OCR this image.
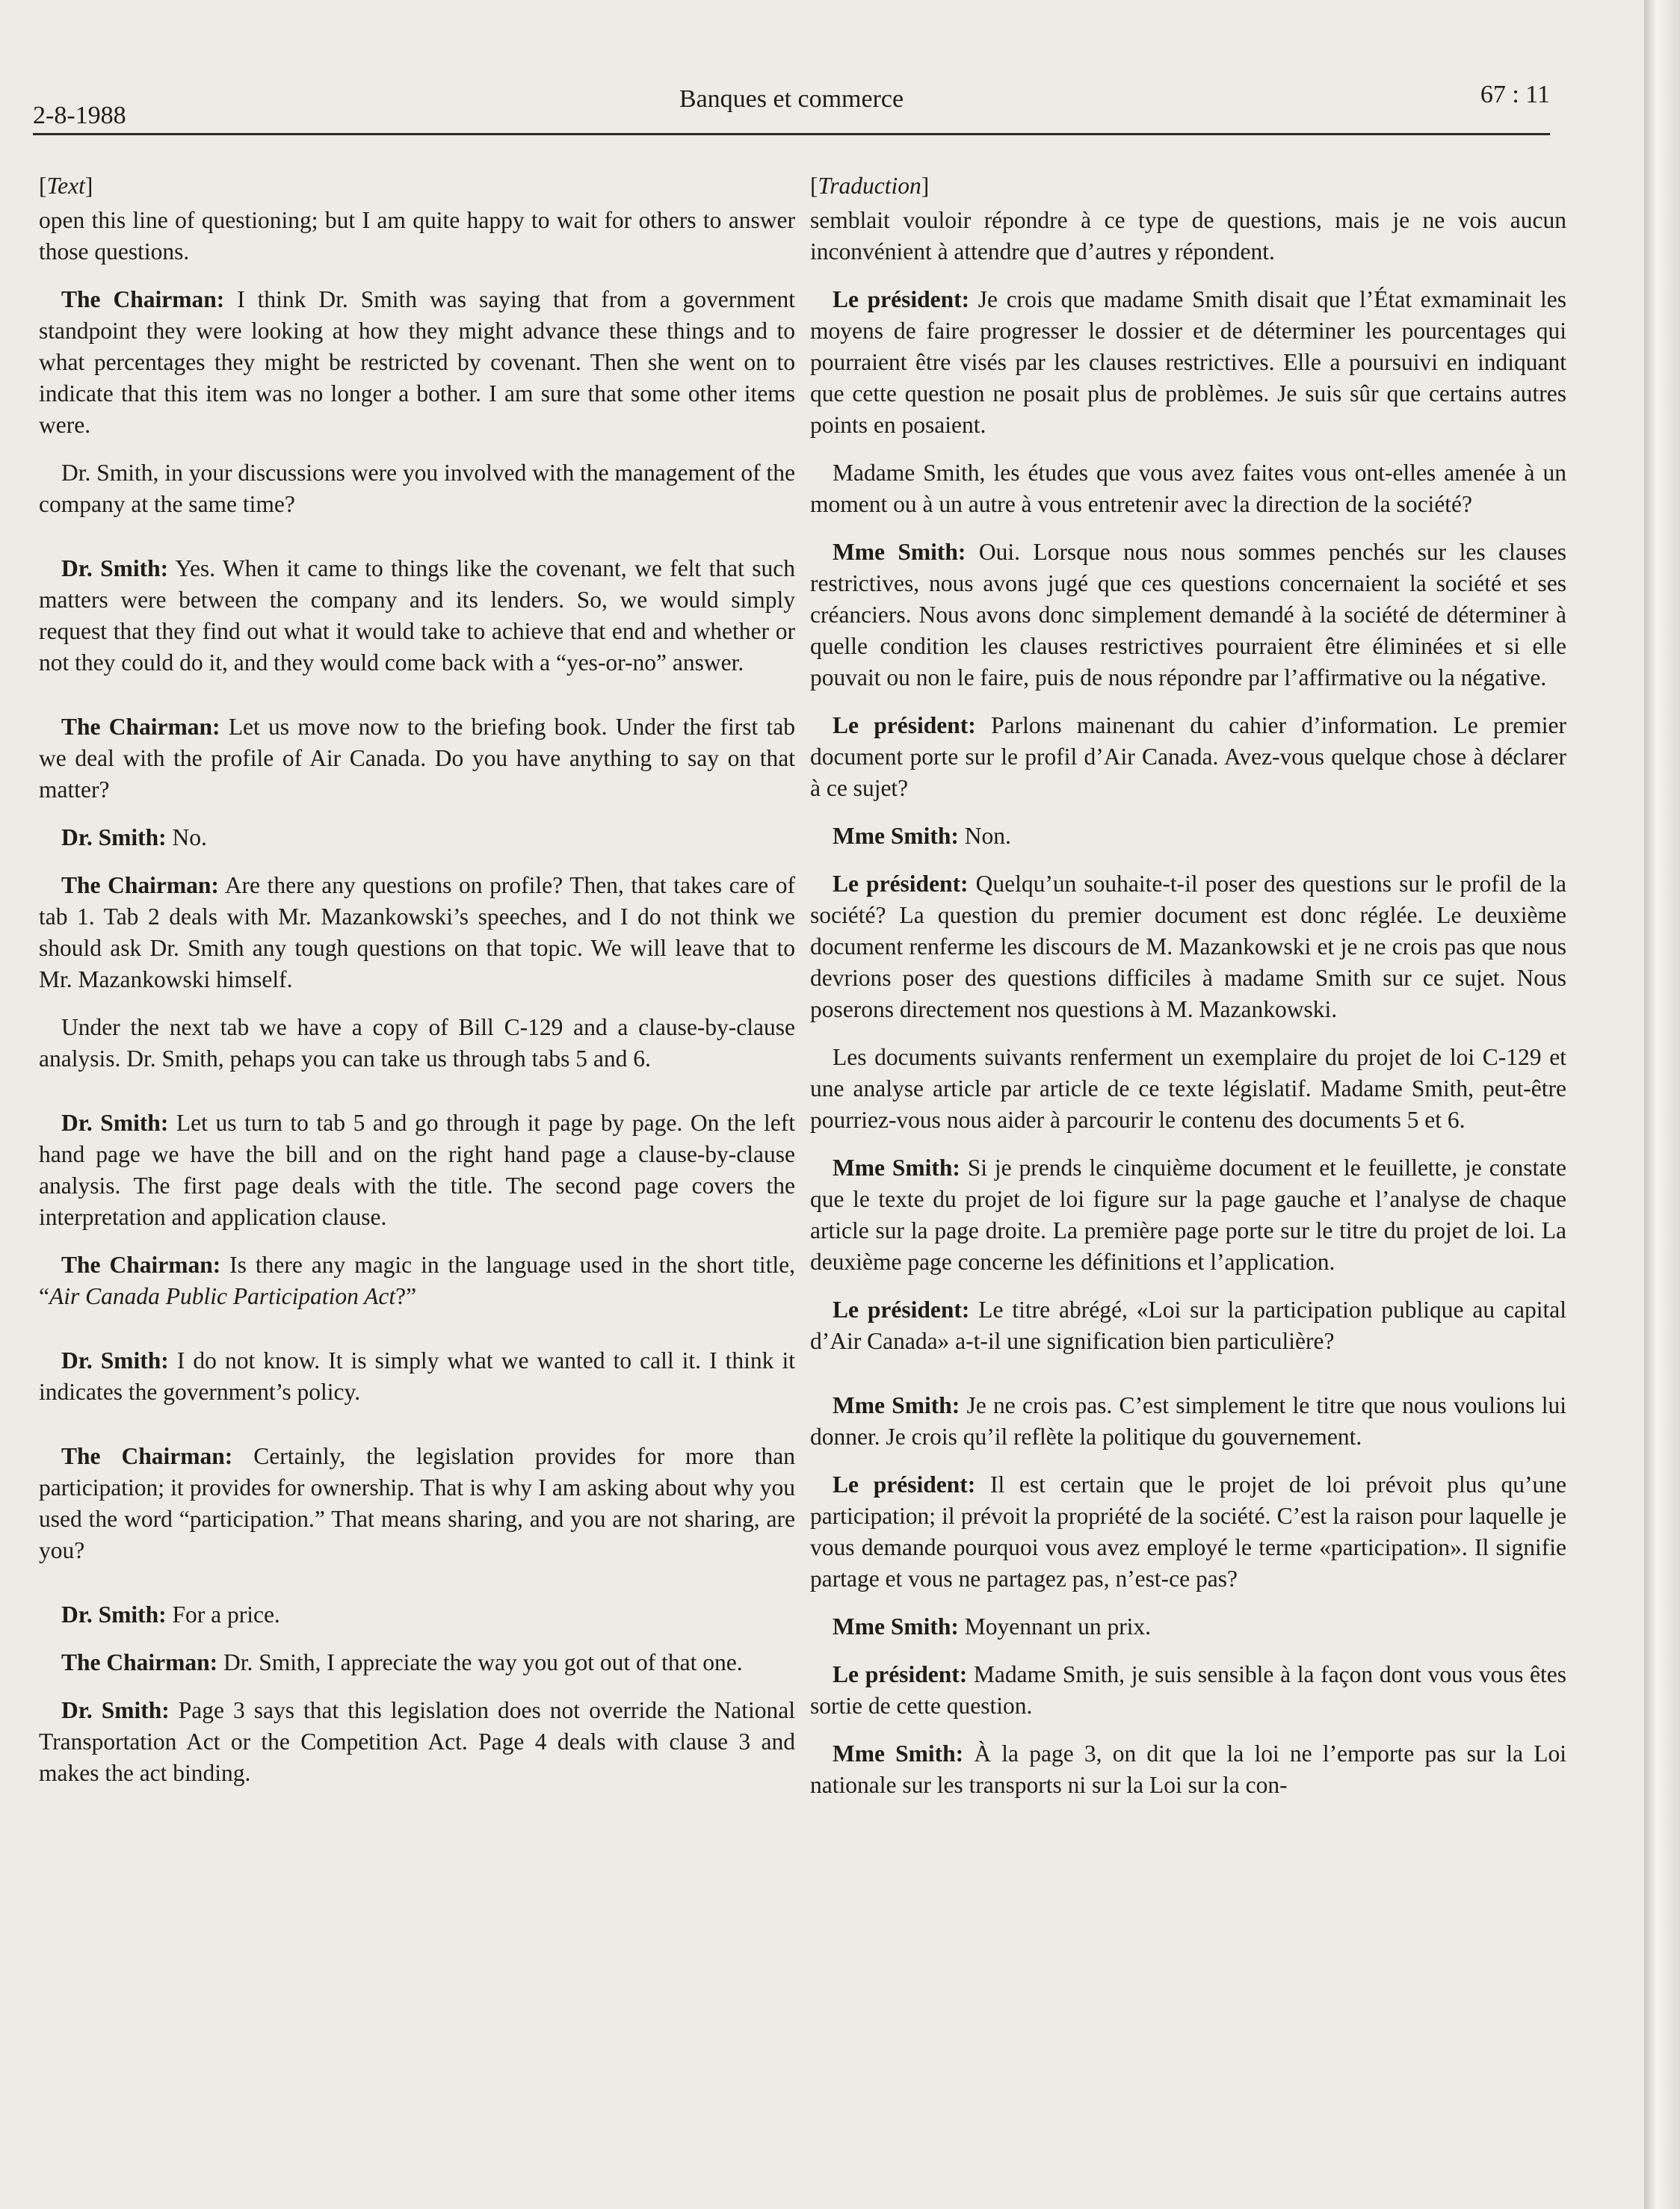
2-8-1988
Banques et commerce	67 : 11

[Text]

open this line of questioning; but I am quite happy to wait for others to answer those questions.

The Chairman: I think Dr. Smith was saying that from a government standpoint they were looking at how they might advance these things and to what percentages they might be restricted by covenant. Then she went on to indicate that this item was no longer a bother. I am sure that some other items were.

Dr. Smith, in your discussions were you involved with the management of the company at the same time?

Dr. Smith: Yes. When it came to things like the covenant, we felt that such matters were between the company and its lenders. So, we would simply request that they find out what it would take to achieve that end and whether or not they could do it, and they would come back with a “yes-or-no” answer.

The Chairman: Let us move now to the briefing book. Under the first tab we deal with the profile of Air Canada. Do you have anything to say on that matter?

Dr. Smith: No.

The Chairman: Are there any questions on profile? Then, that takes care of tab 1. Tab 2 deals with Mr. Mazankowski’s speeches, and I do not think we should ask Dr. Smith any tough questions on that topic. We will leave that to Mr. Mazankowski himself.

Under the next tab we have a copy of Bill C-129 and a clause-by-clause analysis. Dr. Smith, pehaps you can take us through tabs 5 and 6.

Dr. Smith: Let us turn to tab 5 and go through it page by page. On the left hand page we have the bill and on the right hand page a clause-by-clause analysis. The first page deals with the title. The second page covers the interpretation and application clause.

The Chairman: Is there any magic in the language used in the short title, “Air Canada Public Participation Act?”

Dr. Smith: I do not know. It is simply what we wanted to call it. I think it indicates the government’s policy.

The Chairman: Certainly, the legislation provides for more than participation; it provides for ownership. That is why I am asking about why you used the word “participation.” That means sharing, and you are not sharing, are you?

Dr. Smith: For a price.

The Chairman: Dr. Smith, I appreciate the way you got out of that one.

Dr. Smith: Page 3 says that this legislation does not override the National Transportation Act or the Competition Act. Page 4 deals with clause 3 and makes the act binding.

[Traduction]

semblait vouloir répondre à ce type de questions, mais je ne vois aucun inconvénient à attendre que d’autres y répondent.

Le président: Je crois que madame Smith disait que l’État exmaminait les moyens de faire progresser le dossier et de déterminer les pourcentages qui pourraient être visés par les clauses restrictives. Elle a poursuivi en indiquant que cette question ne posait plus de problèmes. Je suis sûr que certains autres points en posaient.

Madame Smith, les études que vous avez faites vous ont-elles amenée à un moment ou à un autre à vous entretenir avec la direction de la société?

Mme Smith: Oui. Lorsque nous nous sommes penchés sur les clauses restrictives, nous avons jugé que ces questions concernaient la société et ses créanciers. Nous avons donc simplement demandé à la société de déterminer à quelle condition les clauses restrictives pourraient être éliminées et si elle pouvait ou non le faire, puis de nous répondre par l’affirmative ou la négative.

Le président: Parlons mainenant du cahier d’information. Le premier document porte sur le profil d’Air Canada. Avez-vous quelque chose à déclarer à ce sujet?

Mme Smith: Non.

Le président: Quelqu’un souhaite-t-il poser des questions sur le profil de la société? La question du premier document est donc réglée. Le deuxième document renferme les discours de M. Mazankowski et je ne crois pas que nous devrions poser des questions difficiles à madame Smith sur ce sujet. Nous poserons directement nos questions à M. Mazankowski.

Les documents suivants renferment un exemplaire du projet de loi C-129 et une analyse article par article de ce texte législatif. Madame Smith, peut-être pourriez-vous nous aider à parcourir le contenu des documents 5 et 6.

Mme Smith: Si je prends le cinquième document et le feuillette, je constate que le texte du projet de loi figure sur la page gauche et l’analyse de chaque article sur la page droite. La première page porte sur le titre du projet de loi. La deuxième page concerne les définitions et l’application.

Le président: Le titre abrégé, «Loi sur la participation publique au capital d’Air Canada» a-t-il une signification bien particulière?

Mme Smith: Je ne crois pas. C’est simplement le titre que nous voulions lui donner. Je crois qu’il reflète la politique du gouvernement.

Le président: Il est certain que le projet de loi prévoit plus qu’une participation; il prévoit la propriété de la société. C’est la raison pour laquelle je vous demande pourquoi vous avez employé le terme «participation». Il signifie partage et vous ne partagez pas, n’est-ce pas?

Mme Smith: Moyennant un prix.

Le président: Madame Smith, je suis sensible à la façon dont vous vous êtes sortie de cette question.

Mme Smith: À la page 3, on dit que la loi ne l’emporte pas sur la Loi nationale sur les transports ni sur la Loi sur la con-
